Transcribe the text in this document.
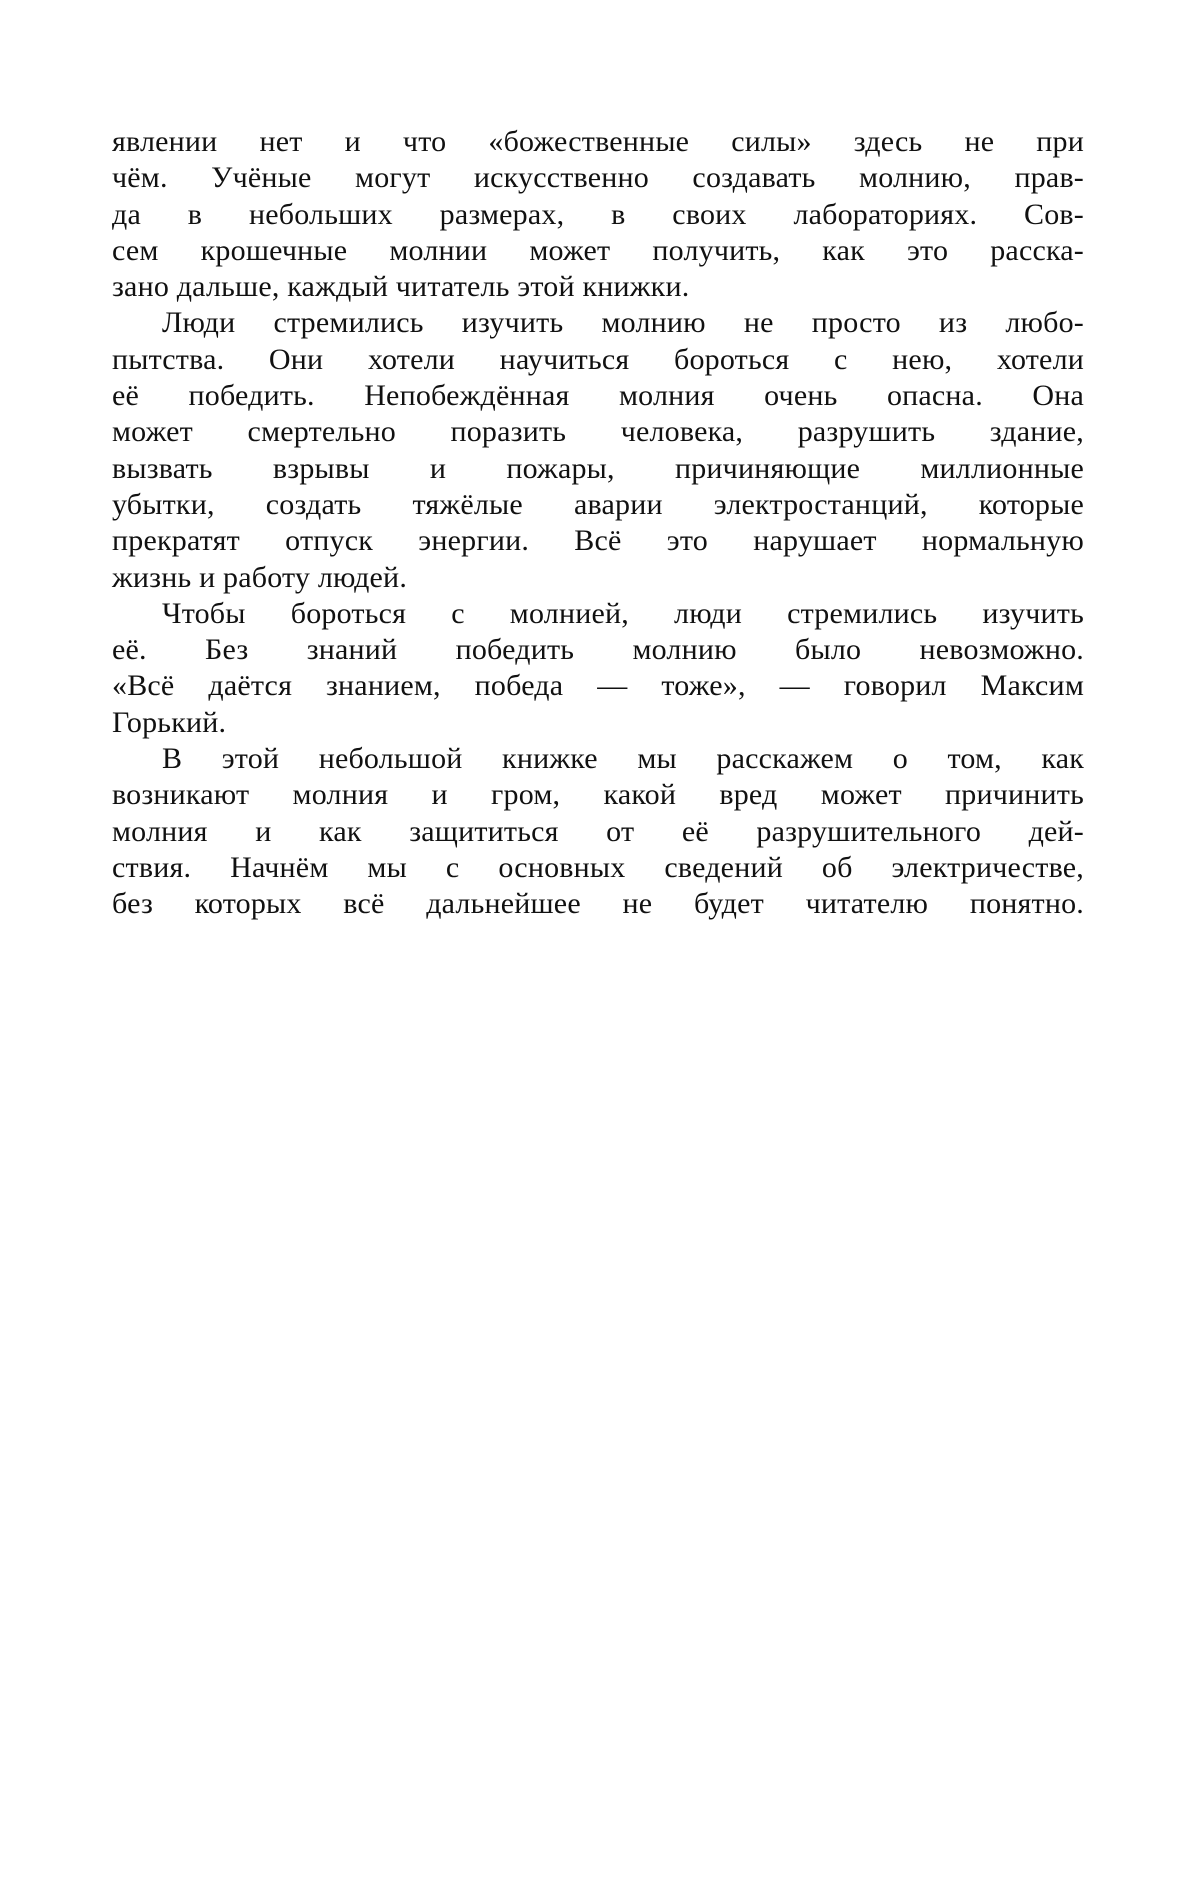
явлении нет и что «божественные силы» здесь не при
чём. Учёные могут искусственно создавать молнию, прав-
да в небольших размерах, в своих лабораториях. Сов-
сем крошечные молнии может получить, как это расска-
зано дальше, каждый читатель этой книжки.

Люди стремились изучить молнию не просто из любо-
пытства. Они хотели научиться бороться с нею, хотели
её победить. Непобеждённая молния очень опасна. Она
может смертельно поразить человека, разрушить здание,
вызвать взрывы и пожары, причиняющие миллионные
убытки, создать тяжёлые аварии электростанций, которые
прекратят отпуск энергии. Всё это нарушает нормальную
жизнь и работу людей.

Чтобы бороться с молнией, люди стремились изучить
её. Без знаний победить молнию было невозможно.
«Всё даётся знанием, победа — тоже», — говорил Максим
Горький.

В этой небольшой книжке мы расскажем о том, как
возникают молния и гром, какой вред может причинить
молния и как защититься от её разрушительного дей-
ствия. Начнём мы с основных сведений об электричестве,
без которых всё дальнейшее не будет читателю понятно.
